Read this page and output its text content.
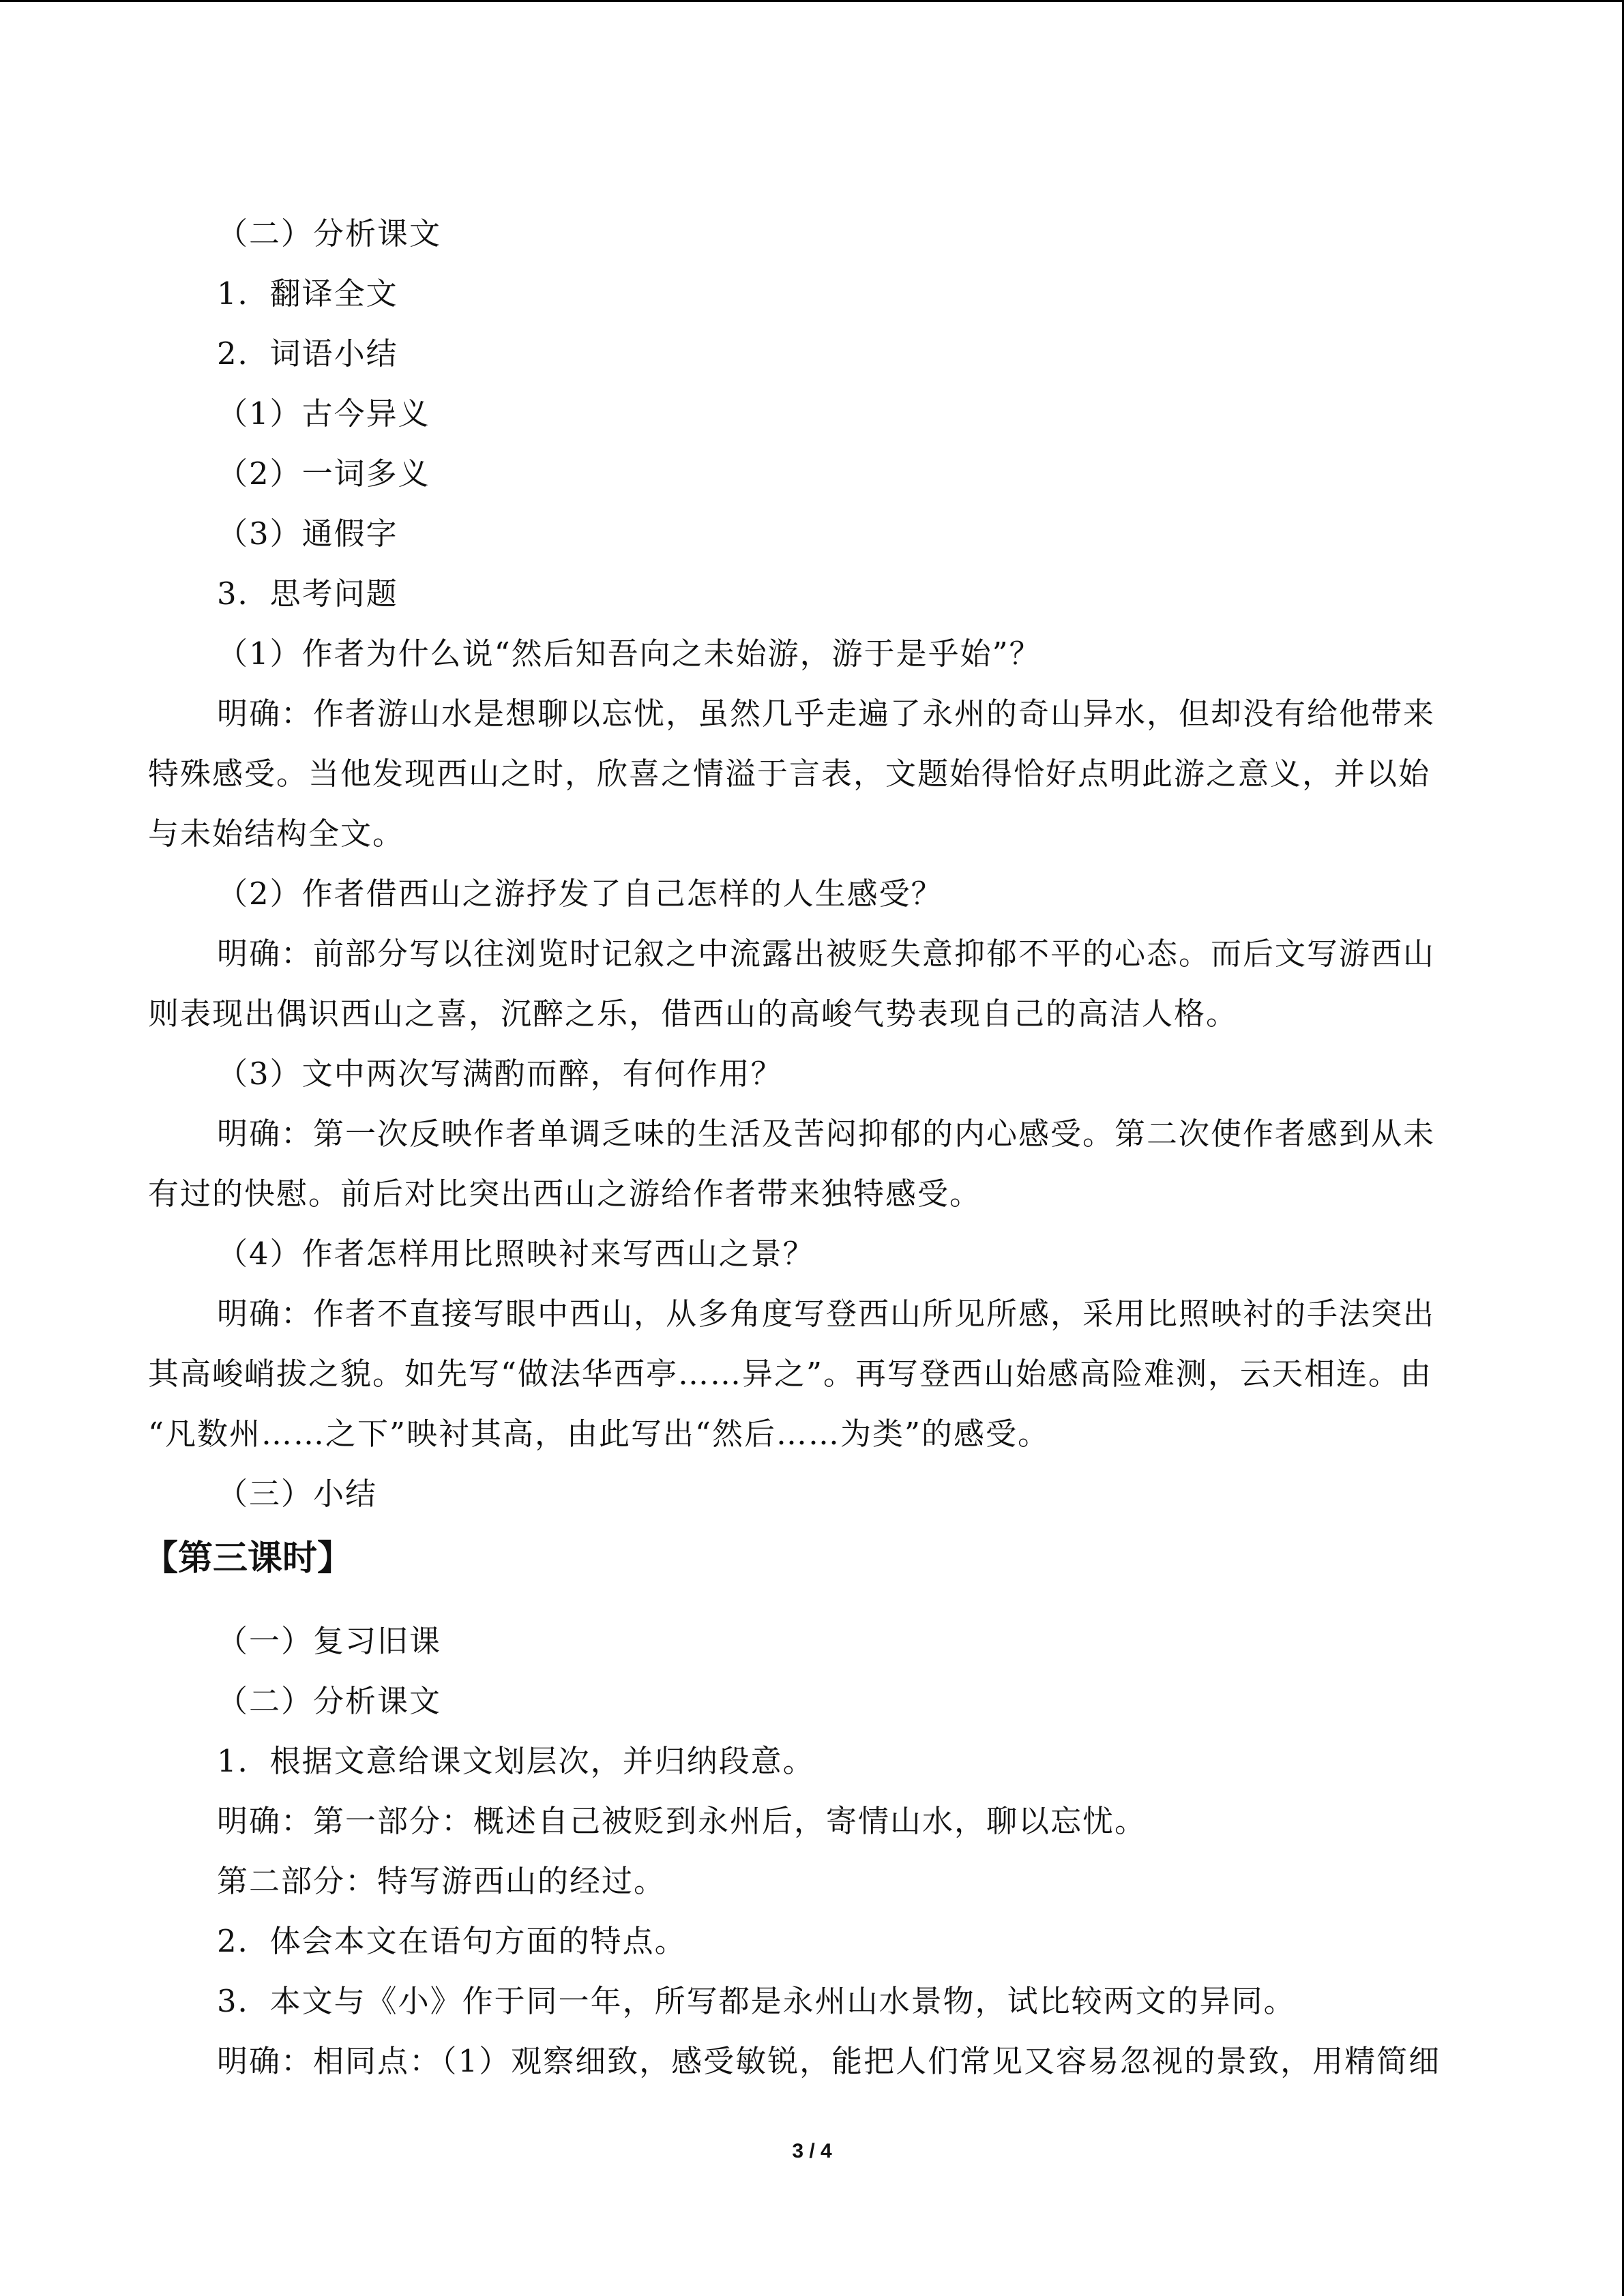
（二）分析课文
1．翻译全文
2．词语小结
（1）古今异义
（2）一词多义
（3）通假字
3．思考问题
（1）作者为什么说“然后知吾向之未始游，游于是乎始”？
明确：作者游山水是想聊以忘忧，虽然几乎走遍了永州的奇山异水，但却没有给他带来
特殊感受。当他发现西山之时，欣喜之情溢于言表，文题始得恰好点明此游之意义，并以始
与未始结构全文。
（2）作者借西山之游抒发了自己怎样的人生感受？
明确：前部分写以往浏览时记叙之中流露出被贬失意抑郁不平的心态。而后文写游西山
则表现出偶识西山之喜，沉醉之乐，借西山的高峻气势表现自己的高洁人格。
（3）文中两次写满酌而醉，有何作用？
明确：第一次反映作者单调乏味的生活及苦闷抑郁的内心感受。第二次使作者感到从未
有过的快慰。前后对比突出西山之游给作者带来独特感受。
（4）作者怎样用比照映衬来写西山之景？
明确：作者不直接写眼中西山，从多角度写登西山所见所感，采用比照映衬的手法突出
其高峻峭拔之貌。如先写“做法华西亭……异之”。再写登西山始感高险难测，云天相连。由
“凡数州……之下”映衬其高，由此写出“然后……为类”的感受。
（三）小结
【第三课时】
（一）复习旧课
（二）分析课文
1．根据文意给课文划层次，并归纳段意。
明确：第一部分：概述自己被贬到永州后，寄情山水，聊以忘忧。
第二部分：特写游西山的经过。
2．体会本文在语句方面的特点。
3．本文与《小》作于同一年，所写都是永州山水景物，试比较两文的异同。
明确：相同点：（1）观察细致，感受敏锐，能把人们常见又容易忽视的景致，用精简细
3 / 4
